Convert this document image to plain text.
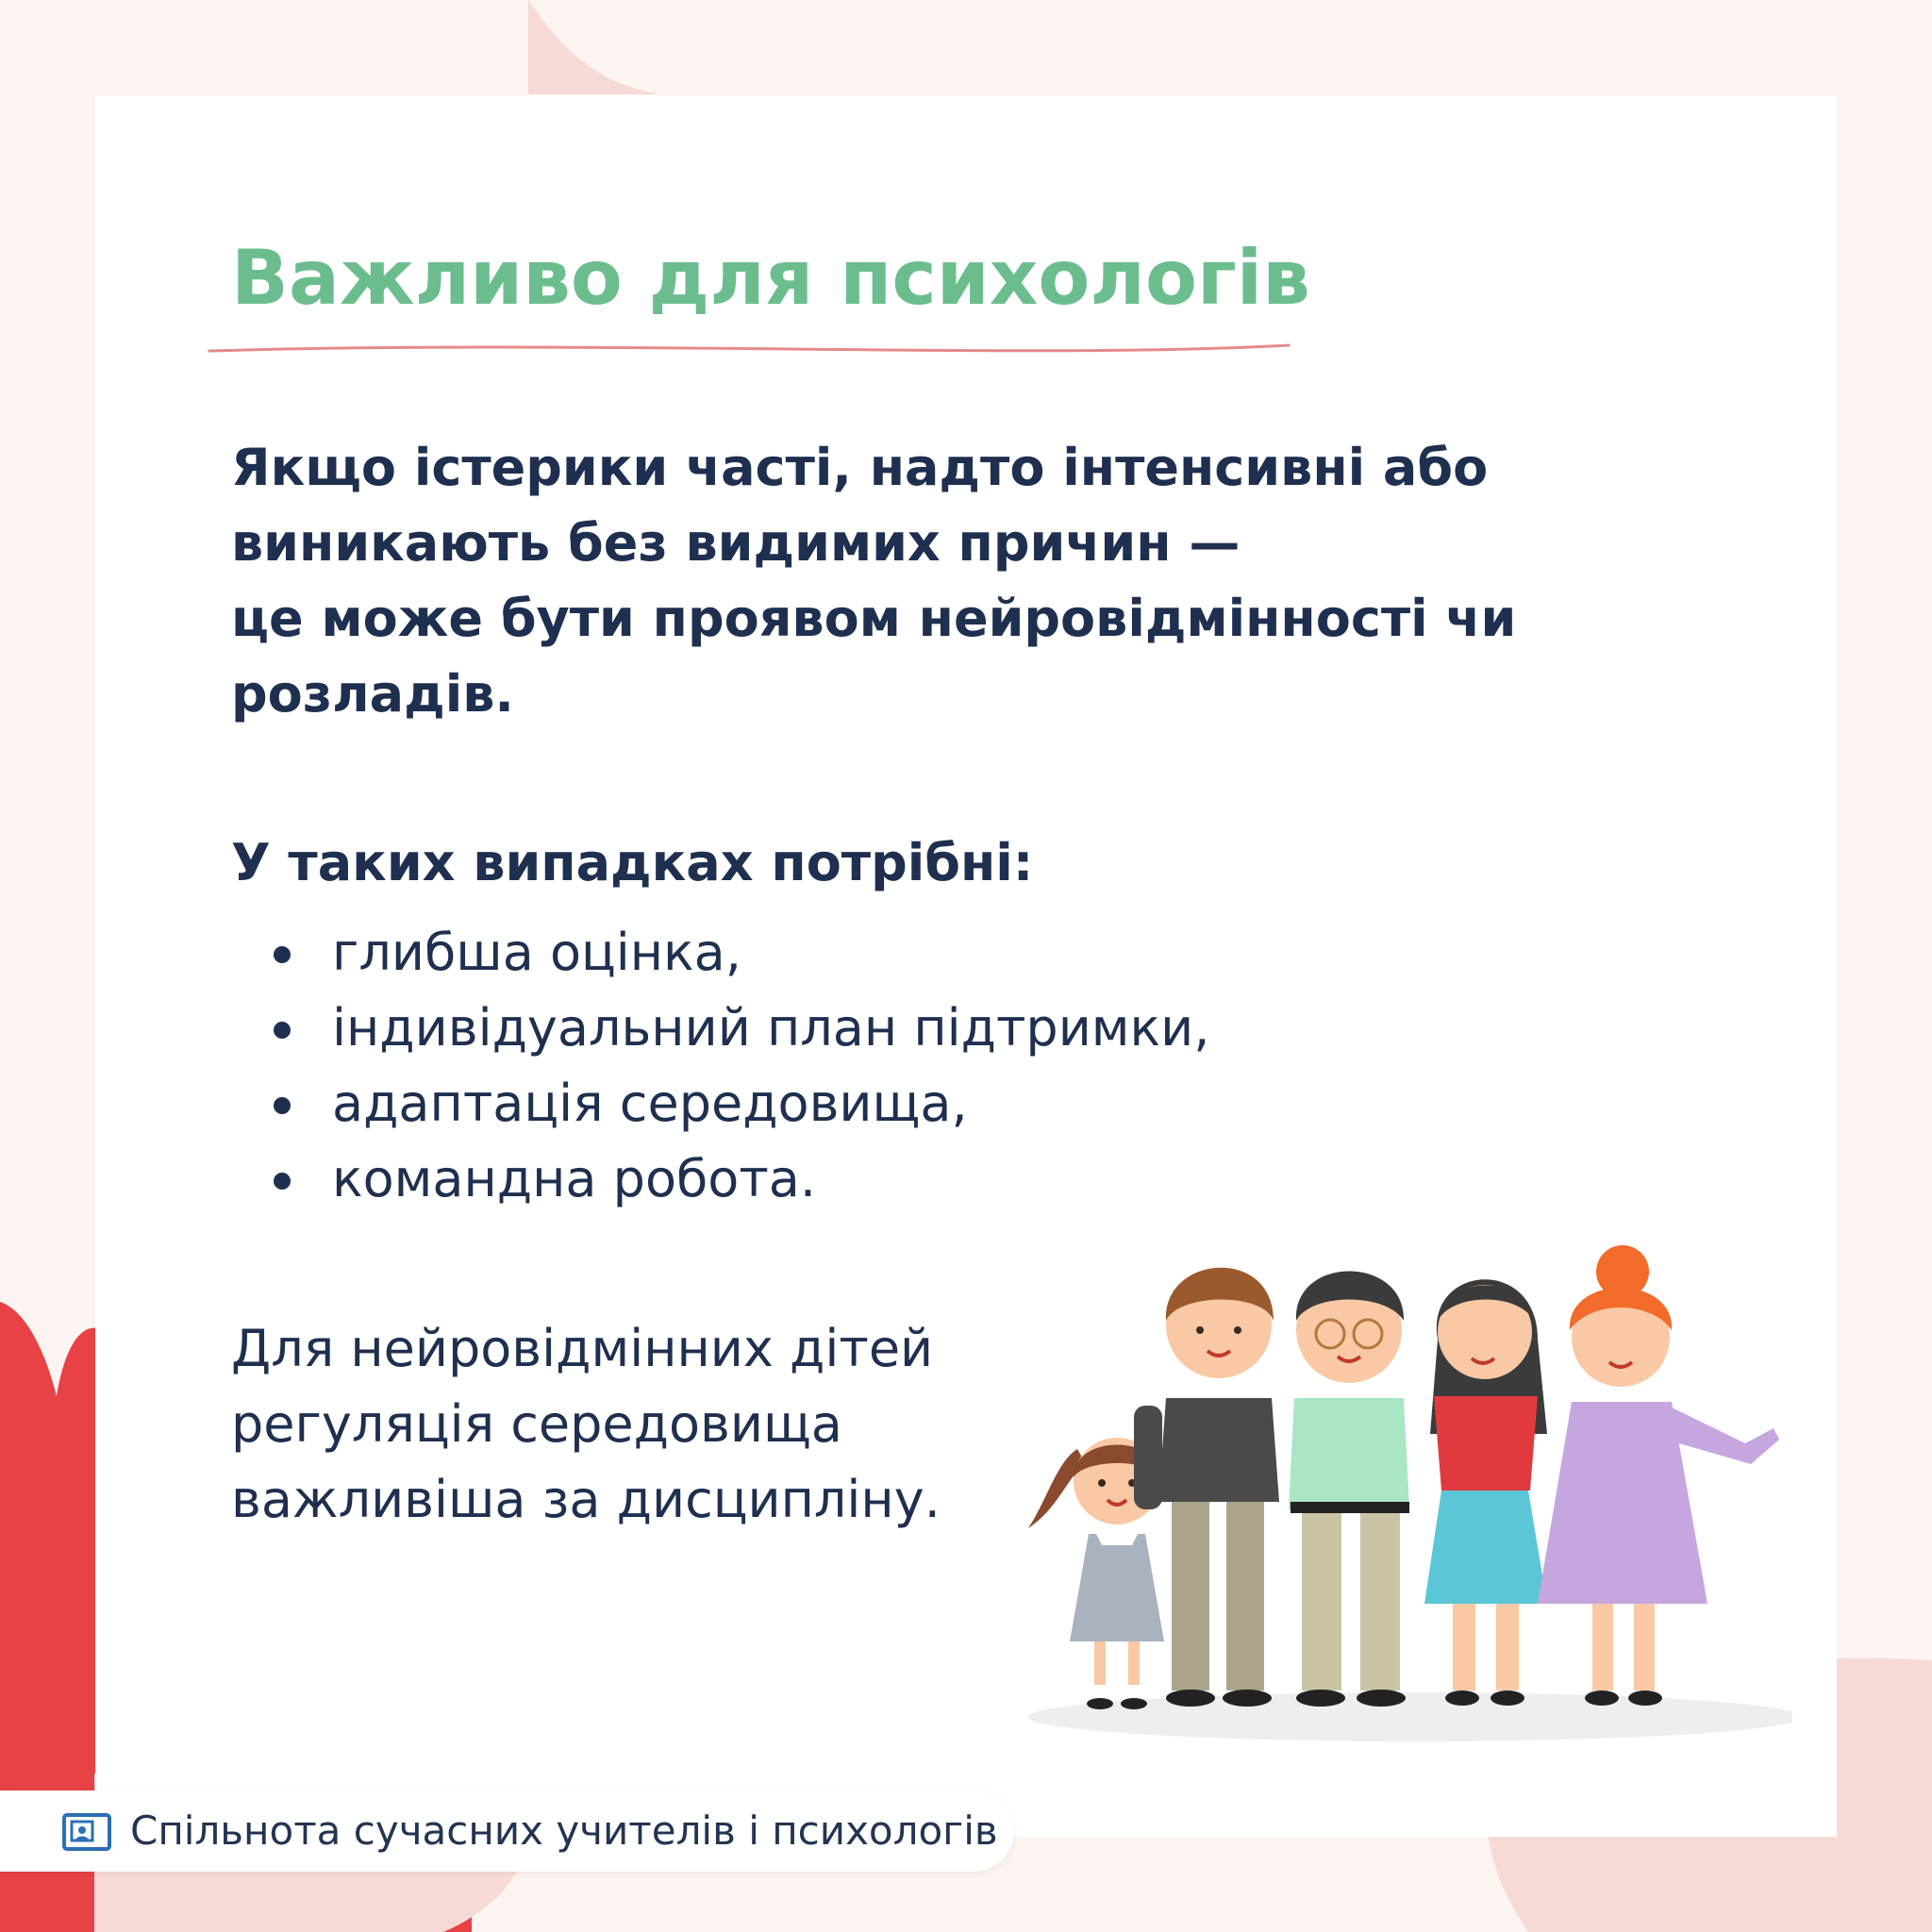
Важливо для психологів

Якщо істерики часті, надто інтенсивні або
виникають без видимих причин —
це може бути проявом нейровідмінності чи
розладів.

У таких випадках потрібні:

глибша оцінка,
індивідуальний план підтримки,
адаптація середовища,
командна робота.

Для нейровідмінних дітей
регуляція середовища
важливіша за дисципліну.

Спільнота сучасних учителів і психологів
